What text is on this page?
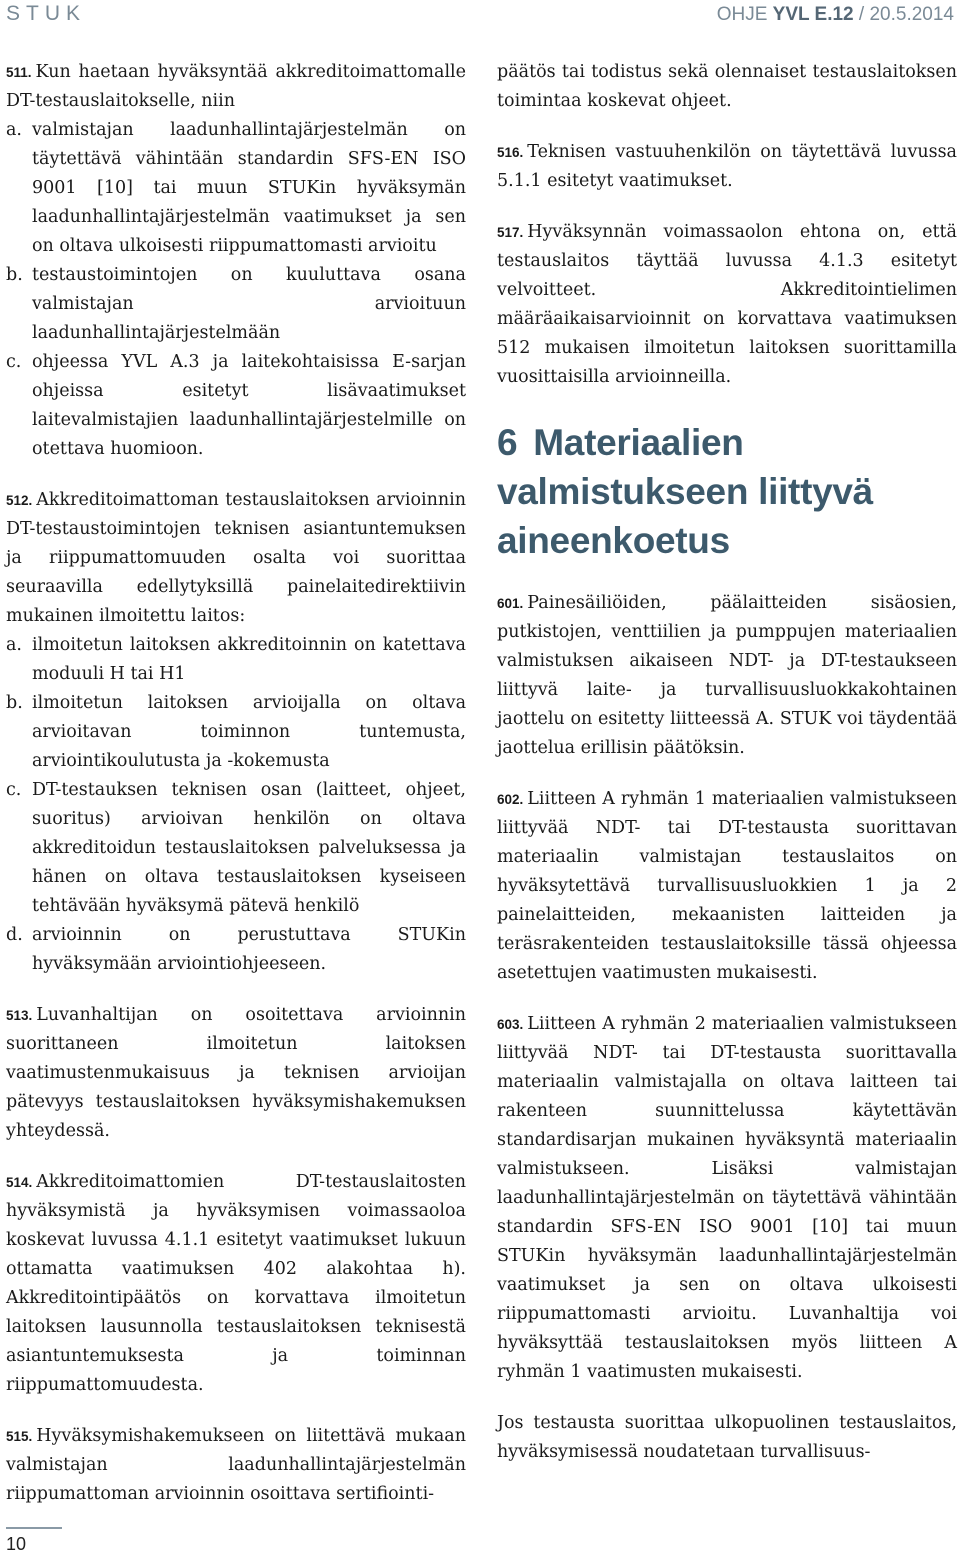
STUK	OHJE YVL E.12 / 20.5.2014

511. Kun haetaan hyväksyntää akkreditoimattomalle DT-testauslaitokselle, niin

a. valmistajan laadunhallintajärjestelmän on täytettävä vähintään standardin SFS-EN ISO 9001 [10] tai muun STUKin hyväksymän laadunhallintajärjestelmän vaatimukset ja sen on oltava ulkoisesti riippumattomasti arvioitu
b. testaustoimintojen on kuuluttava osana valmistajan arvioituun laadunhallintajärjestelmään
c. ohjeessa YVL A.3 ja laitekohtaisissa E-sarjan ohjeissa esitetyt lisävaatimukset laitevalmistajien laadunhallintajärjestelmille on otettava huomioon.

512. Akkreditoimattoman testauslaitoksen arvioinnin DT-testaustoimintojen teknisen asiantuntemuksen ja riippumattomuuden osalta voi suorittaa seuraavilla edellytyksillä painelaitedirektiivin mukainen ilmoitettu laitos:

a. ilmoitetun laitoksen akkreditoinnin on katettava moduuli H tai H1
b. ilmoitetun laitoksen arvioijalla on oltava arvioitavan toiminnon tuntemusta, arviointikoulutusta ja -kokemusta
c. DT-testauksen teknisen osan (laitteet, ohjeet, suoritus) arvioivan henkilön on oltava akkreditoidun testauslaitoksen palveluksessa ja hänen on oltava testauslaitoksen kyseiseen tehtävään hyväksymä pätevä henkilö
d. arvioinnin on perustuttava STUKin hyväksymään arviointiohjeeseen.

513. Luvanhaltijan on osoitettava arvioinnin suorittaneen ilmoitetun laitoksen vaatimustenmukaisuus ja teknisen arvioijan pätevyys testauslaitoksen hyväksymishakemuksen yhteydessä.

514. Akkreditoimattomien DT-testauslaitosten hyväksymistä ja hyväksymisen voimassaoloa koskevat luvussa 4.1.1 esitetyt vaatimukset lukuun ottamatta vaatimuksen 402 alakohtaa h). Akkreditointipäätös on korvattava ilmoitetun laitoksen lausunnolla testauslaitoksen teknisestä asiantuntemuksesta ja toiminnan riippumattomuudesta.

515. Hyväksymishakemukseen on liitettävä mukaan valmistajan laadunhallintajärjestelmän riippumattoman arvioinnin osoittava sertifiointi-

päätös tai todistus sekä olennaiset testauslaitoksen toimintaa koskevat ohjeet.

516. Teknisen vastuuhenkilön on täytettävä luvussa 5.1.1 esitetyt vaatimukset.

517. Hyväksynnän voimassaolon ehtona on, että testauslaitos täyttää luvussa 4.1.3 esitetyt velvoitteet. Akkreditointielimen määräaikaisarvioinnit on korvattava vaatimuksen 512 mukaisen ilmoitetun laitoksen suorittamilla vuosittaisilla arvioinneilla.

6 Materiaalien valmistukseen liittyvä aineenkoetus

601. Painesäiliöiden, päälaitteiden sisäosien, putkistojen, venttiilien ja pumppujen materiaalien valmistuksen aikaiseen NDT- ja DT-testaukseen liittyvä laite- ja turvallisuusluokkakohtainen jaottelu on esitetty liitteessä A. STUK voi täydentää jaottelua erillisin päätöksin.

602. Liitteen A ryhmän 1 materiaalien valmistukseen liittyvää NDT- tai DT-testausta suorittavan materiaalin valmistajan testauslaitos on hyväksytettävä turvallisuusluokkien 1 ja 2 painelaitteiden, mekaanisten laitteiden ja teräsrakenteiden testauslaitoksille tässä ohjeessa asetettujen vaatimusten mukaisesti.

603. Liitteen A ryhmän 2 materiaalien valmistukseen liittyvää NDT- tai DT-testausta suorittavalla materiaalin valmistajalla on oltava laitteen tai rakenteen suunnittelussa käytettävän standardisarjan mukainen hyväksyntä materiaalin valmistukseen. Lisäksi valmistajan laadunhallintajärjestelmän on täytettävä vähintään standardin SFS-EN ISO 9001 [10] tai muun STUKin hyväksymän laadunhallintajärjestelmän vaatimukset ja sen on oltava ulkoisesti riippumattomasti arvioitu. Luvanhaltija voi hyväksyttää testauslaitoksen myös liitteen A ryhmän 1 vaatimusten mukaisesti.

Jos testausta suorittaa ulkopuolinen testauslaitos, hyväksymisessä noudatetaan turvallisuus-

10
